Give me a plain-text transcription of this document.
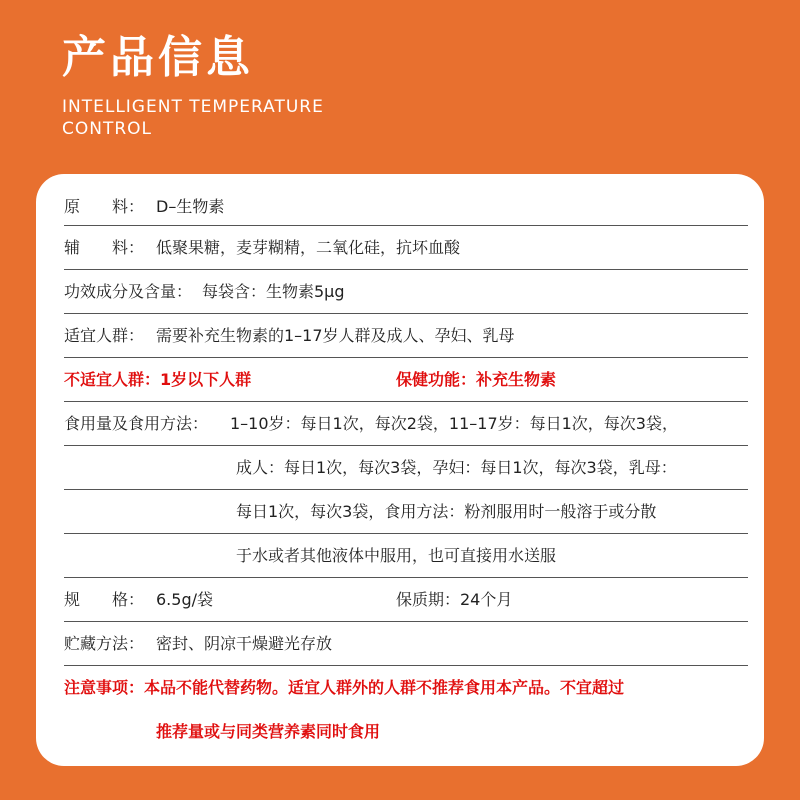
产品信息
INTELLIGENT TEMPERATURE CONTROL
原　　料： D–生物素
辅　　料： 低聚果糖，麦芽糊精，二氧化硅，抗坏血酸
功效成分及含量： 每袋含：生物素5μg
适宜人群： 需要补充生物素的1–17岁人群及成人、孕妇、乳母
不适宜人群：1岁以下人群	保健功能：补充生物素
食用量及食用方法： 1–10岁：每日1次，每次2袋，11–17岁：每日1次，每次3袋，
成人：每日1次，每次3袋，孕妇：每日1次，每次3袋，乳母：
每日1次，每次3袋，食用方法：粉剂服用时一般溶于或分散
于水或者其他液体中服用，也可直接用水送服
规　　格： 6.5g/袋	保质期：24个月
贮藏方法： 密封、阴凉干燥避光存放
注意事项：本品不能代替药物。适宜人群外的人群不推荐食用本产品。不宜超过
推荐量或与同类营养素同时食用
